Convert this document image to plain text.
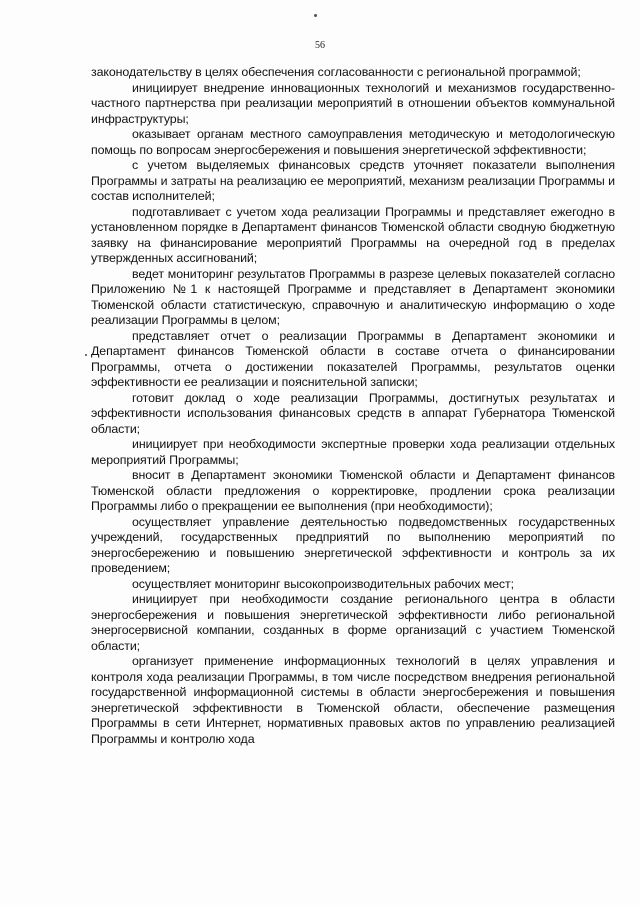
56

законодательству в целях обеспечения согласованности с региональной программой;

инициирует внедрение инновационных технологий и механизмов государственно-частного партнерства при реализации мероприятий в отношении объектов коммунальной инфраструктуры;

оказывает органам местного самоуправления методическую и методологическую помощь по вопросам энергосбережения и повышения энергетической эффективности;

с учетом выделяемых финансовых средств уточняет показатели выполнения Программы и затраты на реализацию ее мероприятий, механизм реализации Программы и состав исполнителей;

подготавливает с учетом хода реализации Программы и представляет ежегодно в установленном порядке в Департамент финансов Тюменской области сводную бюджетную заявку на финансирование мероприятий Программы на очередной год в пределах утвержденных ассигнований;

ведет мониторинг результатов Программы в разрезе целевых показателей согласно Приложению №1 к настоящей Программе и представляет в Департамент экономики Тюменской области статистическую, справочную и аналитическую информацию о ходе реализации Программы в целом;

представляет отчет о реализации Программы в Департамент экономики и Департамент финансов Тюменской области в составе отчета о финансировании Программы, отчета о достижении показателей Программы, результатов оценки эффективности ее реализации и пояснительной записки;

готовит доклад о ходе реализации Программы, достигнутых результатах и эффективности использования финансовых средств в аппарат Губернатора Тюменской области;

инициирует при необходимости экспертные проверки хода реализации отдельных мероприятий Программы;

вносит в Департамент экономики Тюменской области и Департамент финансов Тюменской области предложения о корректировке, продлении срока реализации Программы либо о прекращении ее выполнения (при необходимости);

осуществляет управление деятельностью подведомственных государственных учреждений, государственных предприятий по выполнению мероприятий по энергосбережению и повышению энергетической эффективности и контроль за их проведением;

осуществляет мониторинг высокопроизводительных рабочих мест;

инициирует при необходимости создание регионального центра в области энергосбережения и повышения энергетической эффективности либо региональной энергосервисной компании, созданных в форме организаций с участием Тюменской области;

организует применение информационных технологий в целях управления и контроля хода реализации Программы, в том числе посредством внедрения региональной государственной информационной системы в области энергосбережения и повышения энергетической эффективности в Тюменской области, обеспечение размещения Программы в сети Интернет, нормативных правовых актов по управлению реализацией Программы и контролю хода
